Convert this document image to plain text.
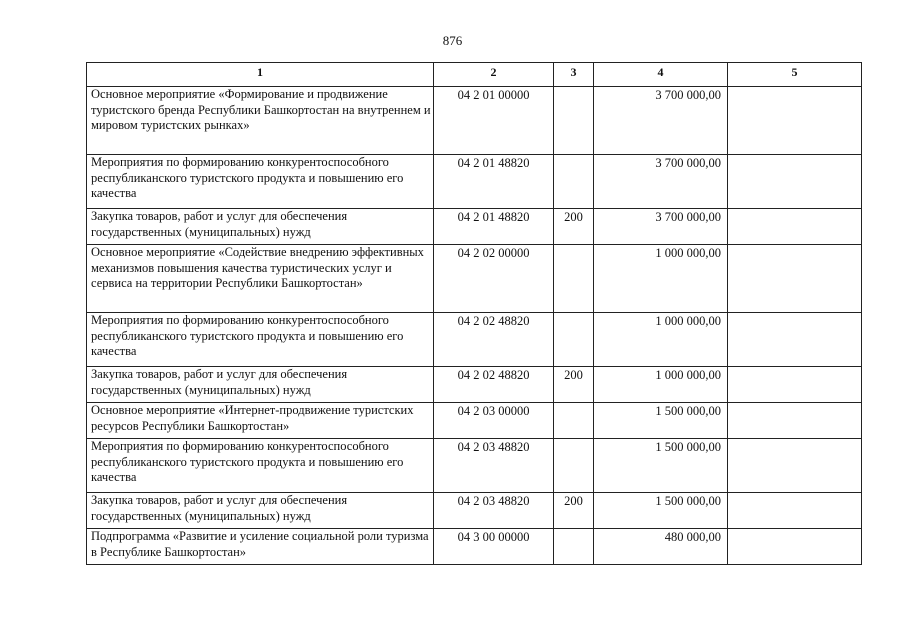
876
1	2	3	4	5
Основное мероприятие «Формирование и продвижение туристского бренда Республики Башкортостан на внутреннем и мировом туристских рынках»	04 2 01 00000		3 700 000,00	
Мероприятия по формированию конкурентоспособного республиканского туристского продукта и повышению его качества	04 2 01 48820		3 700 000,00	
Закупка товаров, работ и услуг для обеспечения государственных (муниципальных) нужд	04 2 01 48820	200	3 700 000,00	
Основное мероприятие «Содействие внедрению эффективных механизмов повышения качества туристических услуг и сервиса на территории Республики Башкортостан»	04 2 02 00000		1 000 000,00	
Мероприятия по формированию конкурентоспособного республиканского туристского продукта и повышению его качества	04 2 02 48820		1 000 000,00	
Закупка товаров, работ и услуг для обеспечения государственных (муниципальных) нужд	04 2 02 48820	200	1 000 000,00	
Основное мероприятие «Интернет-продвижение туристских ресурсов Республики Башкортостан»	04 2 03 00000		1 500 000,00	
Мероприятия по формированию конкурентоспособного республиканского туристского продукта и повышению его качества	04 2 03 48820		1 500 000,00	
Закупка товаров, работ и услуг для обеспечения государственных (муниципальных) нужд	04 2 03 48820	200	1 500 000,00	
Подпрограмма «Развитие и усиление социальной роли туризма в Республике Башкортостан»	04 3 00 00000		480 000,00	
